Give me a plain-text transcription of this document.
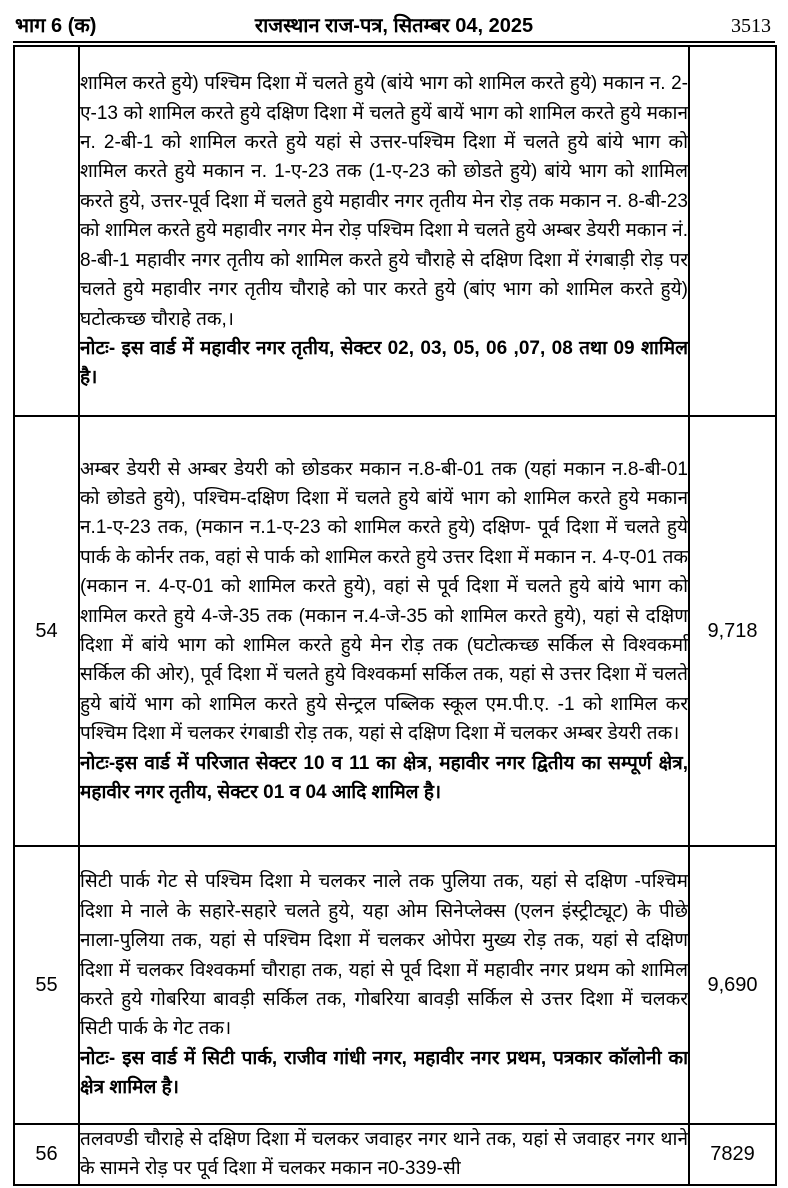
भाग 6 (क)	राजस्थान राज-पत्र, सितम्बर 04, 2025	3513

	शामिल करते हुये) पश्चिम दिशा में चलते हुये (बांये भाग को शामिल करते हुये) मकान न. 2-ए-13 को शामिल करते हुये दक्षिण दिशा में चलते हुयें बायें भाग को शामिल करते हुये मकान न. 2-बी-1 को शामिल करते हुये यहां से उत्तर-पश्चिम दिशा में चलते हुये बांये भाग को शामिल करते हुये मकान न. 1-ए-23 तक (1-ए-23 को छोडते हुये) बांये भाग को शामिल करते हुये, उत्तर-पूर्व दिशा में चलते हुये महावीर नगर तृतीय मेन रोड़ तक मकान न. 8-बी-23 को शामिल करते हुये महावीर नगर मेन रोड़ पश्चिम दिशा मे चलते हुये अम्बर डेयरी मकान नं. 8-बी-1 महावीर नगर तृतीय को शामिल करते हुये चौराहे से दक्षिण दिशा में रंगबाड़ी रोड़ पर चलते हुये महावीर नगर तृतीय चौराहे को पार करते हुये (बांए भाग को शामिल करते हुये) घटोत्कच्छ चौराहे तक,।
नोटः- इस वार्ड में महावीर नगर तृतीय, सेक्टर 02, 03, 05, 06 ,07, 08 तथा 09 शामिल है।	

54	अम्बर डेयरी से अम्बर डेयरी को छोडकर मकान न.8-बी-01 तक (यहां मकान न.8-बी-01 को छोडते हुये), पश्चिम-दक्षिण दिशा में चलते हुये बांयें भाग को शामिल करते हुये मकान न.1-ए-23 तक, (मकान न.1-ए-23 को शामिल करते हुये) दक्षिण- पूर्व दिशा में चलते हुये पार्क के कोर्नर तक, वहां से पार्क को शामिल करते हुये उत्तर दिशा में मकान न. 4-ए-01 तक (मकान न. 4-ए-01 को शामिल करते हुये), वहां से पूर्व दिशा में चलते हुये बांये भाग को शामिल करते हुये 4-जे-35 तक (मकान न.4-जे-35 को शामिल करते हुये), यहां से दक्षिण दिशा में बांये भाग को शामिल करते हुये मेन रोड़ तक (घटोत्कच्छ सर्किल से विश्वकर्मा सर्किल की ओर), पूर्व दिशा में चलते हुये विश्वकर्मा सर्किल तक, यहां से उत्तर दिशा में चलते हुये बांयें भाग को शामिल करते हुये सेन्ट्रल पब्लिक स्कूल एम.पी.ए. -1 को शामिल कर पश्चिम दिशा में चलकर रंगबाडी रोड़ तक, यहां से दक्षिण दिशा में चलकर अम्बर डेयरी तक।
नोटः-इस वार्ड में परिजात सेक्टर 10 व 11 का क्षेत्र, महावीर नगर द्वितीय का सम्पूर्ण क्षेत्र, महावीर नगर तृतीय, सेक्टर 01 व 04 आदि शामिल है।	9,718
55	सिटी पार्क गेट से पश्चिम दिशा मे चलकर नाले तक पुलिया तक, यहां से दक्षिण -पश्चिम दिशा मे नाले के सहारे-सहारे चलते हुये, यहा ओम सिनेप्लेक्स (एलन इंस्ट्रीट्यूट) के पीछे नाला-पुलिया तक, यहां से पश्चिम दिशा में चलकर ओपेरा मुख्य रोड़ तक, यहां से दक्षिण दिशा में चलकर विश्वकर्मा चौराहा तक, यहां से पूर्व दिशा में महावीर नगर प्रथम को शामिल करते हुये गोबरिया बावड़ी सर्किल तक, गोबरिया बावड़ी सर्किल से उत्तर दिशा में चलकर सिटी पार्क के गेट तक।
नोटः- इस वार्ड में सिटी पार्क, राजीव गांधी नगर, महावीर नगर प्रथम, पत्रकार कॉलोनी का क्षेत्र शामिल है।	9,690
56	तलवण्डी चौराहे से दक्षिण दिशा में चलकर जवाहर नगर थाने तक, यहां से जवाहर नगर थाने के सामने रोड़ पर पूर्व दिशा में चलकर मकान न0-339-सी	7829
